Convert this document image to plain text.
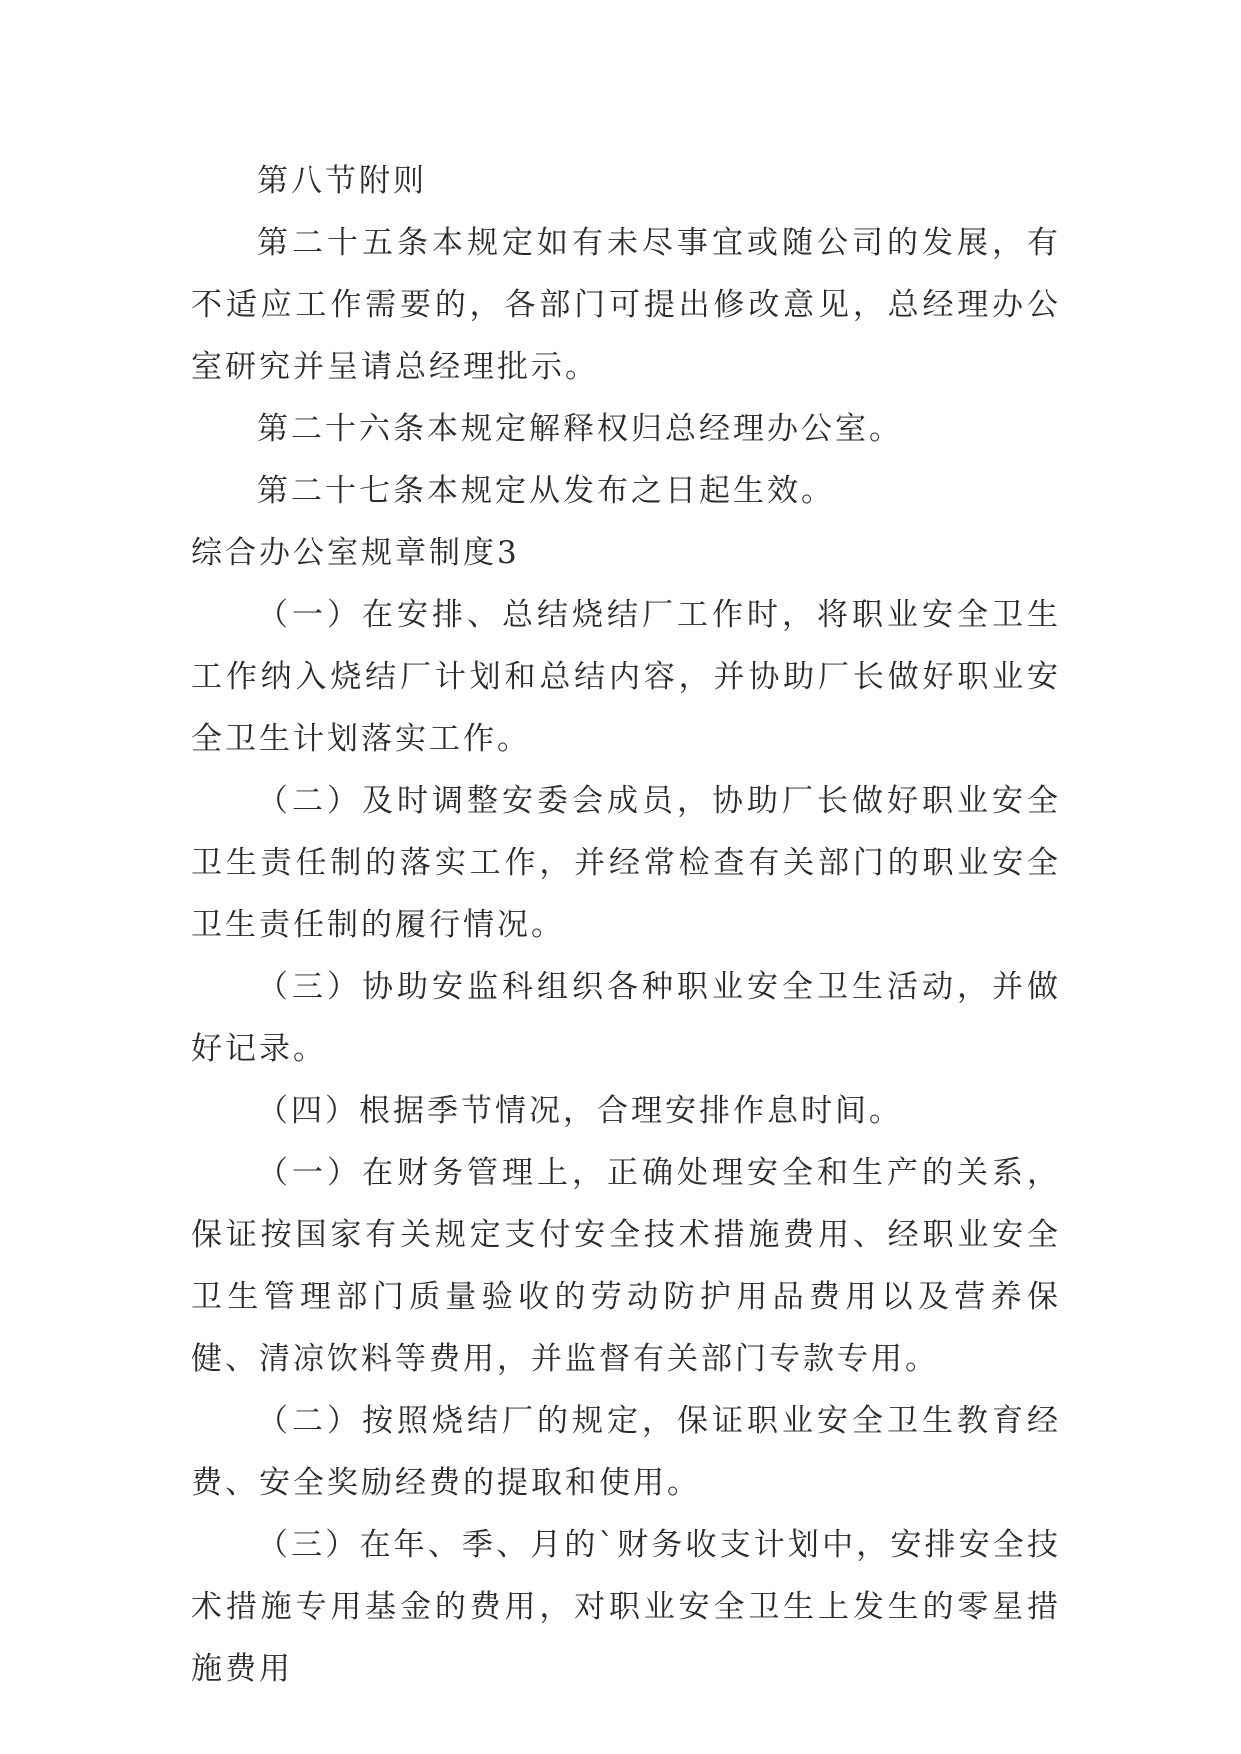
第八节附则

第二十五条本规定如有未尽事宜或随公司的发展，有不适应工作需要的，各部门可提出修改意见，总经理办公室研究并呈请总经理批示。

第二十六条本规定解释权归总经理办公室。

第二十七条本规定从发布之日起生效。

综合办公室规章制度3

（一）在安排、总结烧结厂工作时，将职业安全卫生工作纳入烧结厂计划和总结内容，并协助厂长做好职业安全卫生计划落实工作。

（二）及时调整安委会成员，协助厂长做好职业安全卫生责任制的落实工作，并经常检查有关部门的职业安全卫生责任制的履行情况。

（三）协助安监科组织各种职业安全卫生活动，并做好记录。

（四）根据季节情况，合理安排作息时间。

（一）在财务管理上，正确处理安全和生产的关系，保证按国家有关规定支付安全技术措施费用、经职业安全卫生管理部门质量验收的劳动防护用品费用以及营养保健、清凉饮料等费用，并监督有关部门专款专用。

（二）按照烧结厂的规定，保证职业安全卫生教育经费、安全奖励经费的提取和使用。

（三）在年、季、月的`财务收支计划中，安排安全技术措施专用基金的费用，对职业安全卫生上发生的零星措施费用
